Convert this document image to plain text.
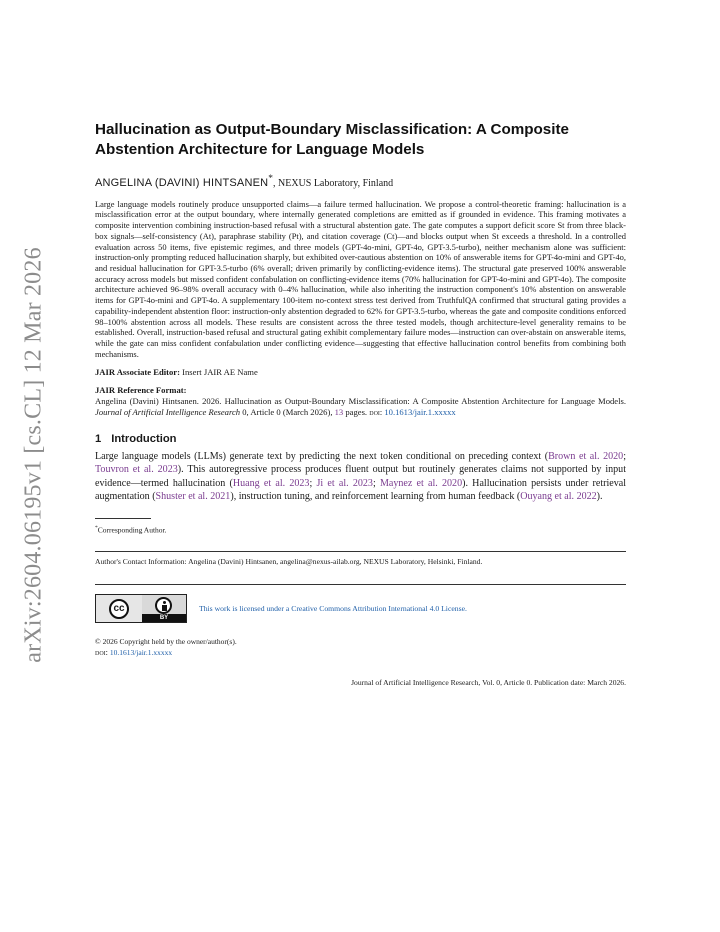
arXiv:2604.06195v1 [cs.CL] 12 Mar 2026
Hallucination as Output-Boundary Misclassification: A Composite Abstention Architecture for Language Models

ANGELINA (DAVINI) HINTSANEN*, NEXUS Laboratory, Finland

Large language models routinely produce unsupported claims—a failure termed hallucination. We propose a control-theoretic framing: hallucination is a misclassification error at the output boundary, where internally generated completions are emitted as if grounded in evidence. This framing motivates a composite intervention combining instruction-based refusal with a structural abstention gate. The gate computes a support deficit score St from three black-box signals—self-consistency (At), paraphrase stability (Pt), and citation coverage (Ct)—and blocks output when St exceeds a threshold. In a controlled evaluation across 50 items, five epistemic regimes, and three models (GPT-4o-mini, GPT-4o, GPT-3.5-turbo), neither mechanism alone was sufficient: instruction-only prompting reduced hallucination sharply, but exhibited over-cautious abstention on 10% of answerable items for GPT-4o-mini and GPT-4o, and residual hallucination for GPT-3.5-turbo (6% overall; driven primarily by conflicting-evidence items). The structural gate preserved 100% answerable accuracy across models but missed confident confabulation on conflicting-evidence items (70% hallucination for GPT-4o-mini and GPT-4o). The composite architecture achieved 96–98% overall accuracy with 0–4% hallucination, while also inheriting the instruction component's 10% abstention on answerable items for GPT-4o-mini and GPT-4o. A supplementary 100-item no-context stress test derived from TruthfulQA confirmed that structural gating provides a capability-independent abstention floor: instruction-only abstention degraded to 62% for GPT-3.5-turbo, whereas the gate and composite conditions enforced 98–100% abstention across all models. These results are consistent across the three tested models, though architecture-level generality remains to be established. Overall, instruction-based refusal and structural gating exhibit complementary failure modes—instruction can over-abstain on answerable items, while the gate can miss confident confabulation under conflicting evidence—suggesting that effective hallucination control benefits from combining both mechanisms.

JAIR Associate Editor: Insert JAIR AE Name

JAIR Reference Format:

Angelina (Davini) Hintsanen. 2026. Hallucination as Output-Boundary Misclassification: A Composite Abstention Architecture for Language Models. Journal of Artificial Intelligence Research 0, Article 0 (March 2026), 13 pages. doi: 10.1613/jair.1.xxxxx

1 Introduction

Large language models (LLMs) generate text by predicting the next token conditional on preceding context (Brown et al. 2020; Touvron et al. 2023). This autoregressive process produces fluent output but routinely generates claims not supported by input evidence—termed hallucination (Huang et al. 2023; Ji et al. 2023; Maynez et al. 2020). Hallucination persists under retrieval augmentation (Shuster et al. 2021), instruction tuning, and reinforcement learning from human feedback (Ouyang et al. 2022).

*Corresponding Author.

Author's Contact Information: Angelina (Davini) Hintsanen, angelina@nexus-ailab.org, NEXUS Laboratory, Helsinki, Finland.

cc
BY
This work is licensed under a Creative Commons Attribution International 4.0 License.

© 2026 Copyright held by the owner/author(s).

doi: 10.1613/jair.1.xxxxx

Journal of Artificial Intelligence Research, Vol. 0, Article 0. Publication date: March 2026.
